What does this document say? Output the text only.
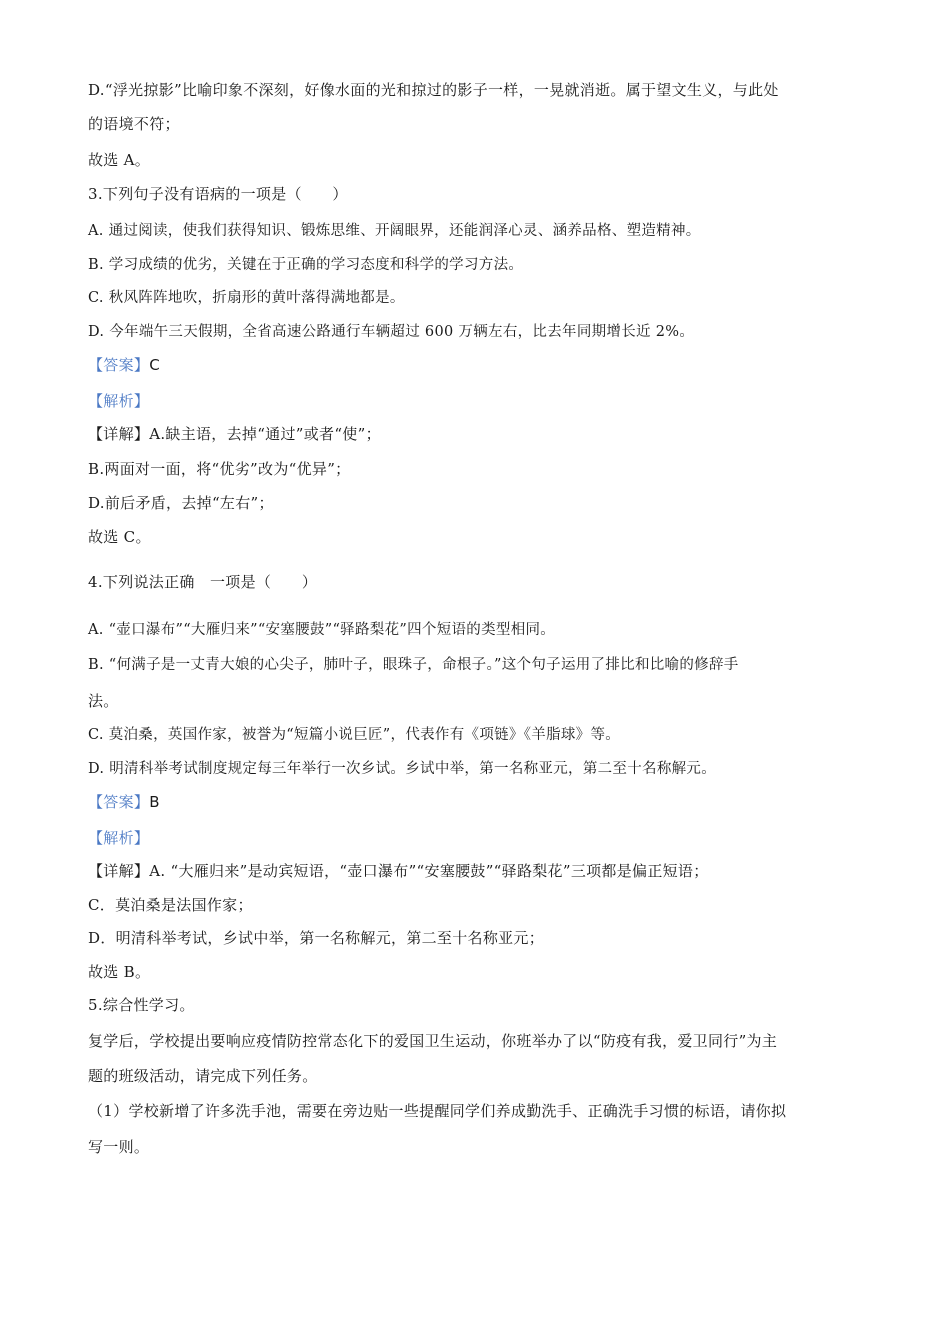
D.“浮光掠影”比喻印象不深刻，好像水面的光和掠过的影子一样，一晃就消逝。属于望文生义，与此处
的语境不符；
故选 A。
3.下列句子没有语病的一项是（　　）
A. 通过阅读，使我们获得知识、锻炼思维、开阔眼界，还能润泽心灵、涵养品格、塑造精神。
B. 学习成绩的优劣，关键在于正确的学习态度和科学的学习方法。
C. 秋风阵阵地吹，折扇形的黄叶落得满地都是。
D. 今年端午三天假期，全省高速公路通行车辆超过 600 万辆左右，比去年同期增长近 2%。
【答案】C
【解析】
【详解】A.缺主语，去掉“通过”或者“使”；
B.两面对一面，将“优劣”改为“优异”；
D.前后矛盾，去掉“左右”；
故选 C。
4.下列说法正确　一项是（　　）
A. “壶口瀑布”“大雁归来”“安塞腰鼓”“驿路梨花”四个短语的类型相同。
B. “何满子是一丈青大娘的心尖子，肺叶子，眼珠子，命根子。”这个句子运用了排比和比喻的修辞手
法。
C. 莫泊桑，英国作家，被誉为“短篇小说巨匠”，代表作有《项链》《羊脂球》等。
D. 明清科举考试制度规定每三年举行一次乡试。乡试中举，第一名称亚元，第二至十名称解元。
【答案】B
【解析】
【详解】A. “大雁归来”是动宾短语，“壶口瀑布”“安塞腰鼓”“驿路梨花”三项都是偏正短语；
C．莫泊桑是法国作家；
D．明清科举考试，乡试中举，第一名称解元，第二至十名称亚元；
故选 B。
5.综合性学习。
复学后，学校提出要响应疫情防控常态化下的爱国卫生运动，你班举办了以“防疫有我，爱卫同行”为主
题的班级活动，请完成下列任务。
（1）学校新增了许多洗手池，需要在旁边贴一些提醒同学们养成勤洗手、正确洗手习惯的标语，请你拟
写一则。
